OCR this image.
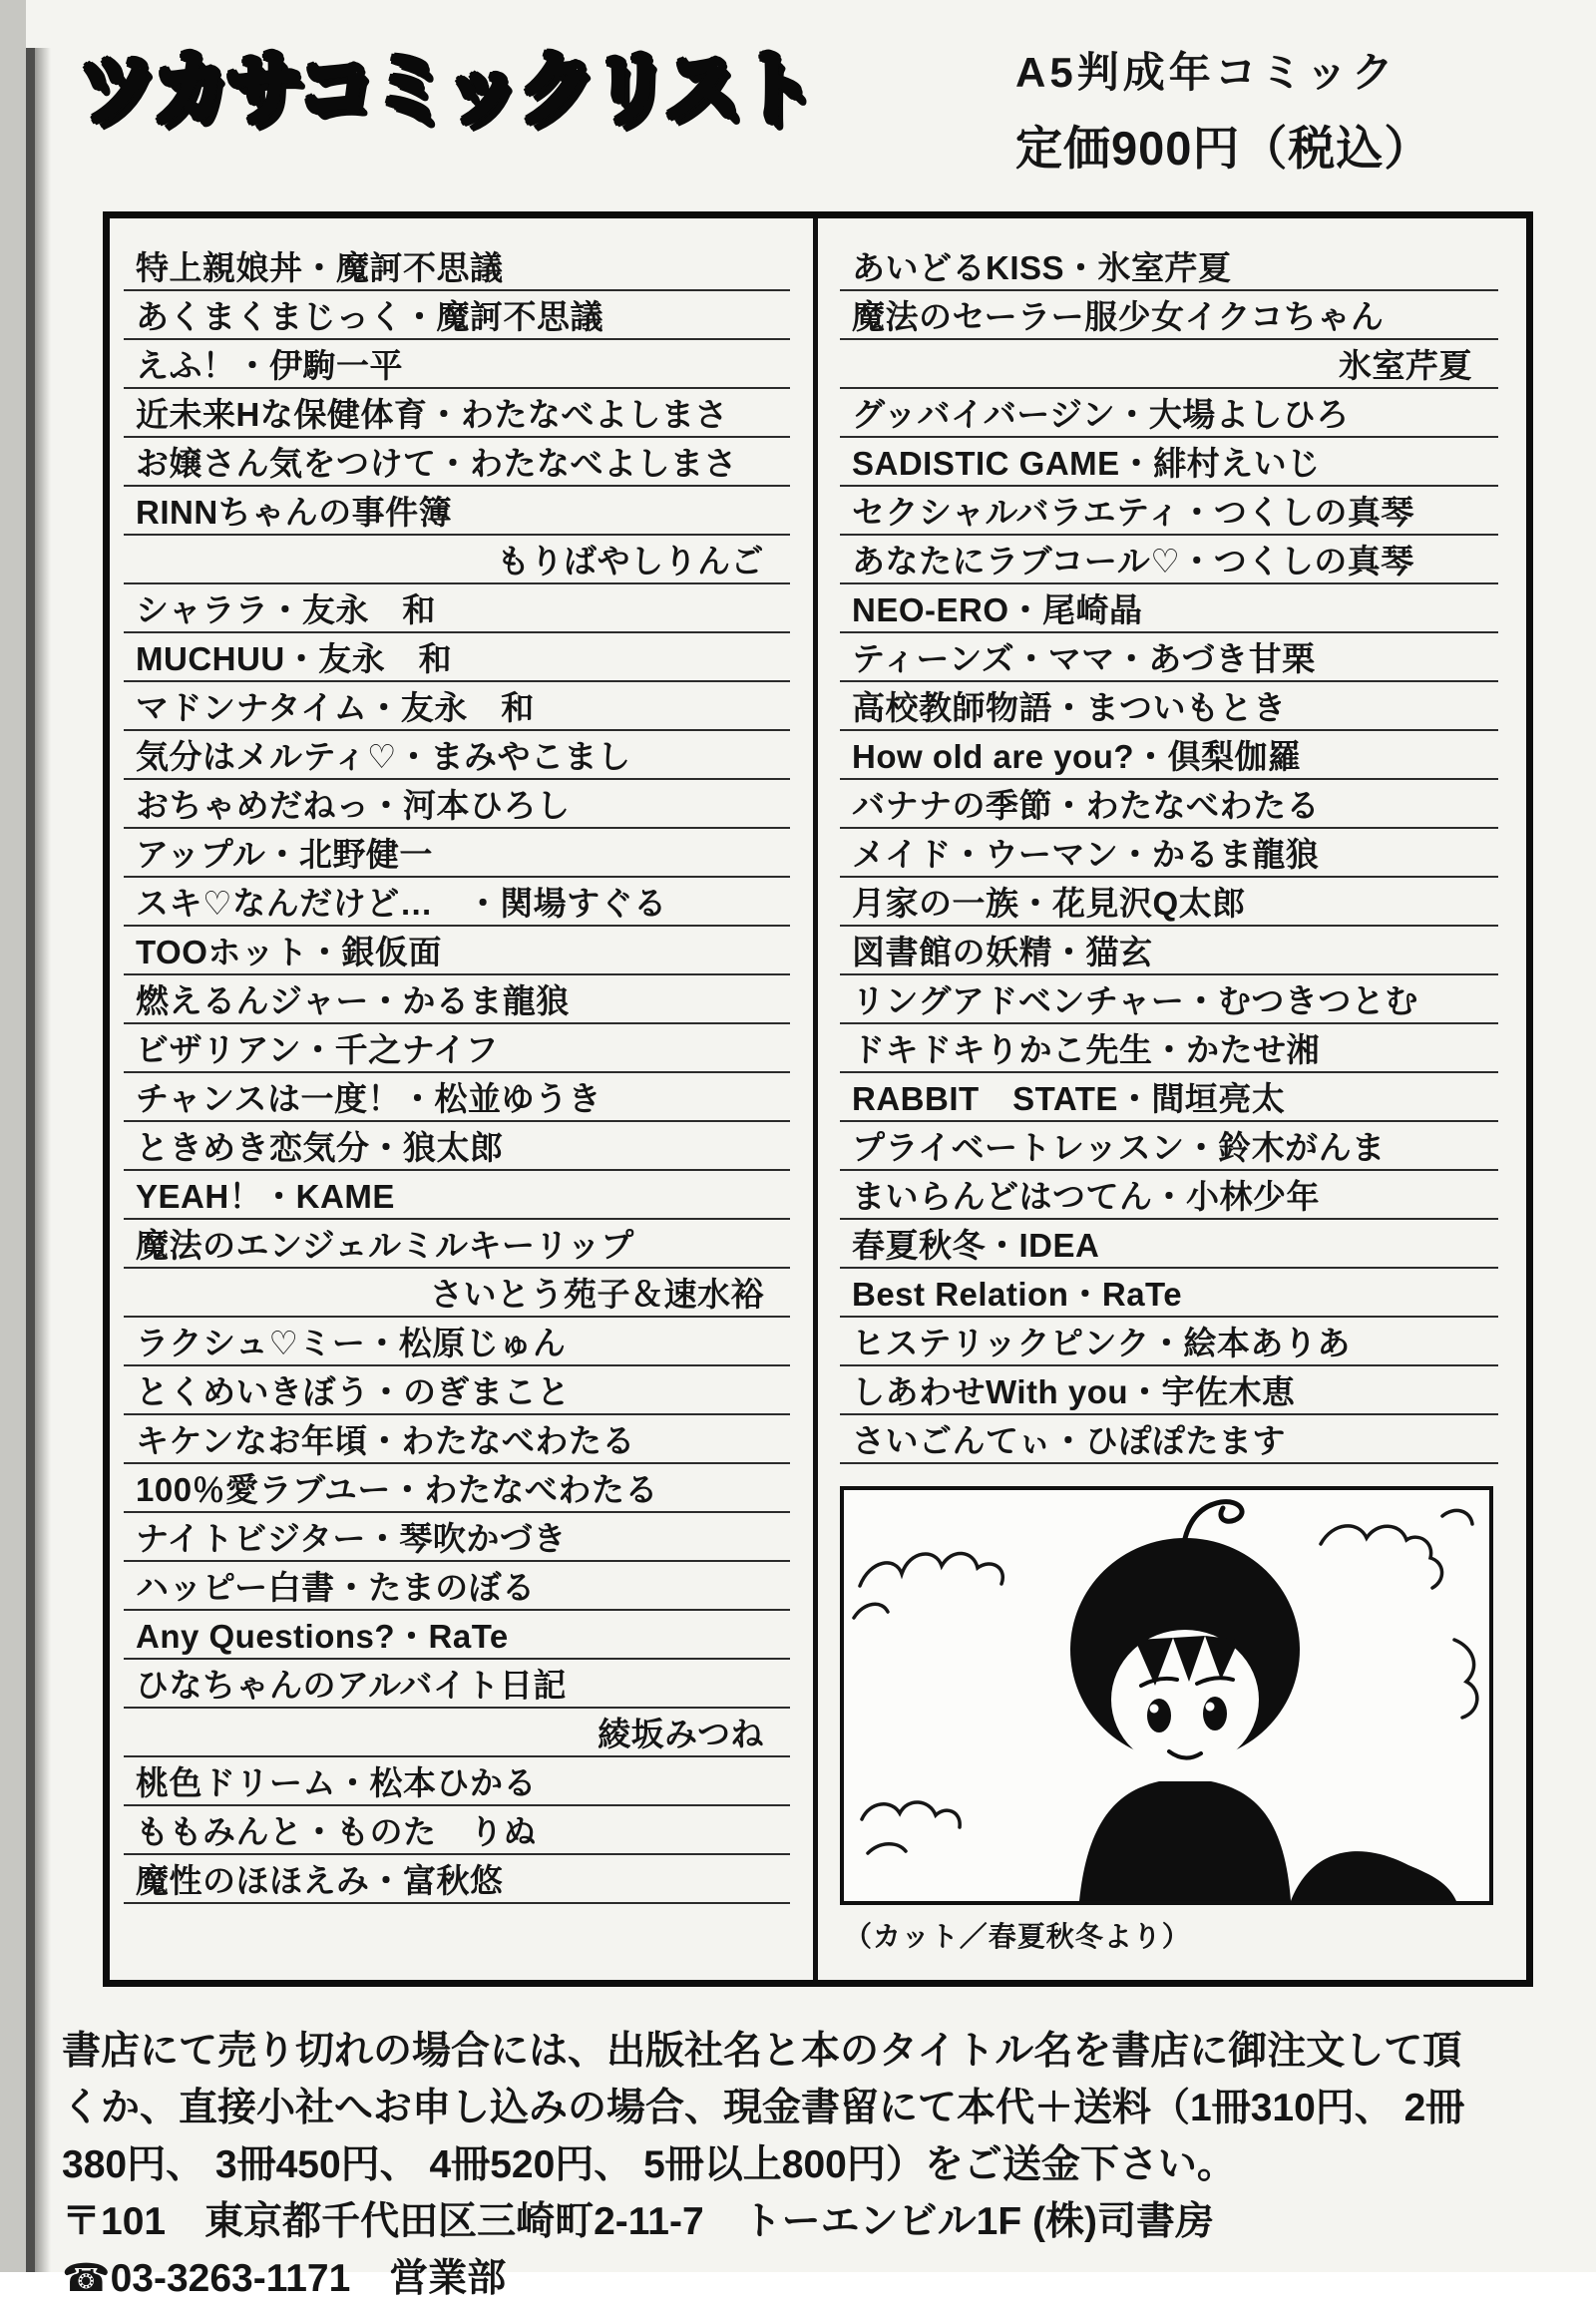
ツカサコミックリスト	A5判成年コミック
定価900円（税込）
特上親娘丼・魔訶不思議
あくまくまじっく・魔訶不思議
えふ！・伊駒一平
近未来Hな保健体育・わたなべよしまさ
お嬢さん気をつけて・わたなべよしまさ
RINNちゃんの事件簿
もりばやしりんご
シャララ・友永　和
MUCHUU・友永　和
マドンナタイム・友永　和
気分はメルティ♡・まみやこまし
おちゃめだねっ・河本ひろし
アップル・北野健一
スキ♡なんだけど…　・関場すぐる
TOOホット・銀仮面
燃えるんジャー・かるま龍狼
ビザリアン・千之ナイフ
チャンスは一度！・松並ゆうき
ときめき恋気分・狼太郎
YEAH！・KAME
魔法のエンジェルミルキーリップ
さいとう苑子＆速水裕
ラクシュ♡ミー・松原じゅん
とくめいきぼう・のぎまこと
キケンなお年頃・わたなべわたる
100％愛ラブユー・わたなべわたる
ナイトビジター・琴吹かづき
ハッピー白書・たまのぼる
Any Questions?・RaTe
ひなちゃんのアルバイト日記
綾坂みつね
桃色ドリーム・松本ひかる
ももみんと・ものた　りぬ
魔性のほほえみ・富秋悠
あいどるKISS・氷室芹夏
魔法のセーラー服少女イクコちゃん
氷室芹夏
グッバイバージン・大場よしひろ
SADISTIC GAME・緋村えいじ
セクシャルバラエティ・つくしの真琴
あなたにラブコール♡・つくしの真琴
NEO-ERO・尾崎晶
ティーンズ・ママ・あづき甘栗
高校教師物語・まついもとき
How old are you?・倶梨伽羅
バナナの季節・わたなべわたる
メイド・ウーマン・かるま龍狼
月家の一族・花見沢Q太郎
図書館の妖精・猫玄
リングアドベンチャー・むつきつとむ
ドキドキりかこ先生・かたせ湘
RABBIT　STATE・間垣亮太
プライベートレッスン・鈴木がんま
まいらんどはつてん・小林少年
春夏秋冬・IDEA
Best Relation・RaTe
ヒステリックピンク・絵本ありあ
しあわせWith you・宇佐木恵
さいごんてぃ・ひぽぽたます
（カット／春夏秋冬より）
書店にて売り切れの場合には、出版社名と本のタイトル名を書店に御注文して頂
くか、直接小社へお申し込みの場合、現金書留にて本代＋送料（1冊310円、 2冊
380円、 3冊450円、 4冊520円、 5冊以上800円）をご送金下さい。
〒101　東京都千代田区三崎町2-11-7　トーエンビル1F (株)司書房
☎03-3263-1171　営業部
